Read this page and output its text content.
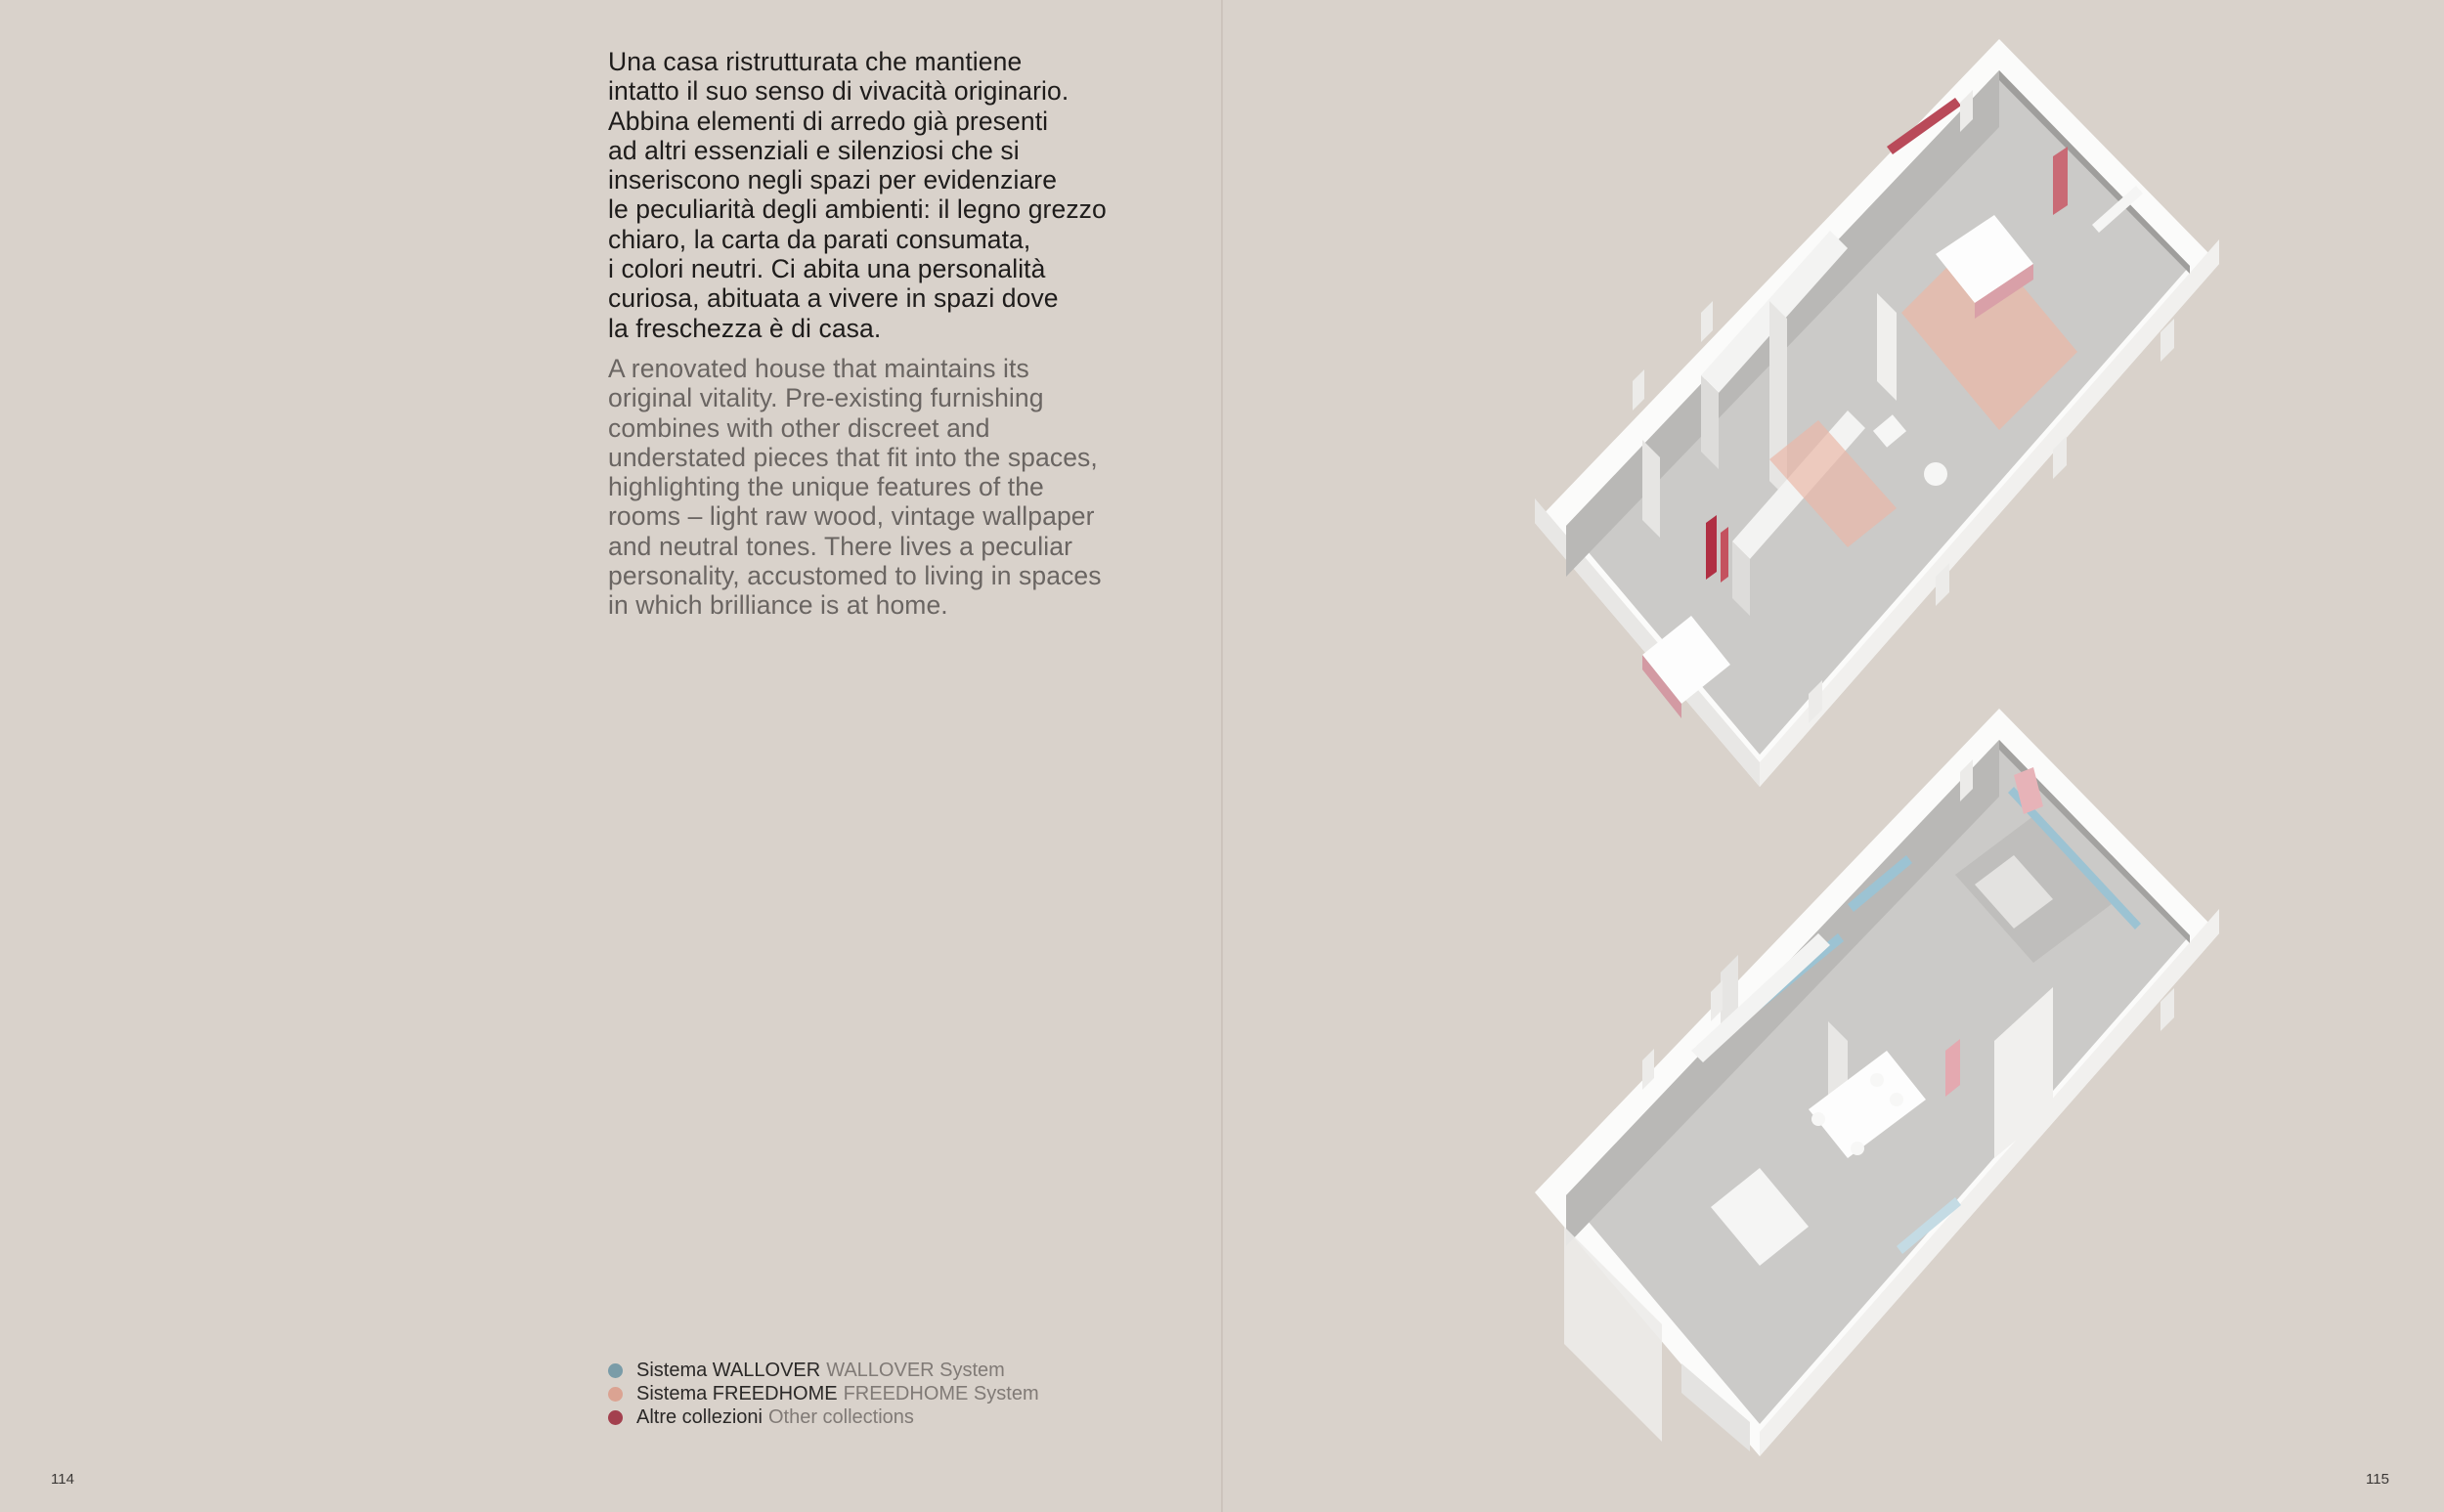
Una casa ristrutturata che mantiene
intatto il suo senso di vivacità originario.
Abbina elementi di arredo già presenti
ad altri essenziali e silenziosi che si
inseriscono negli spazi per evidenziare
le peculiarità degli ambienti: il legno grezzo
chiaro, la carta da parati consumata,
i colori neutri. Ci abita una personalità
curiosa, abituata a vivere in spazi dove
la freschezza è di casa.

A renovated house that maintains its
original vitality. Pre-existing furnishing
combines with other discreet and
understated pieces that fit into the spaces,
highlighting the unique features of the
rooms – light raw wood, vintage wallpaper
and neutral tones. There lives a peculiar
personality, accustomed to living in spaces
in which brilliance is at home.

Sistema WALLOVER WALLOVER System
Sistema FREEDHOME FREEDHOME System
Altre collezioni Other collections
114	115
